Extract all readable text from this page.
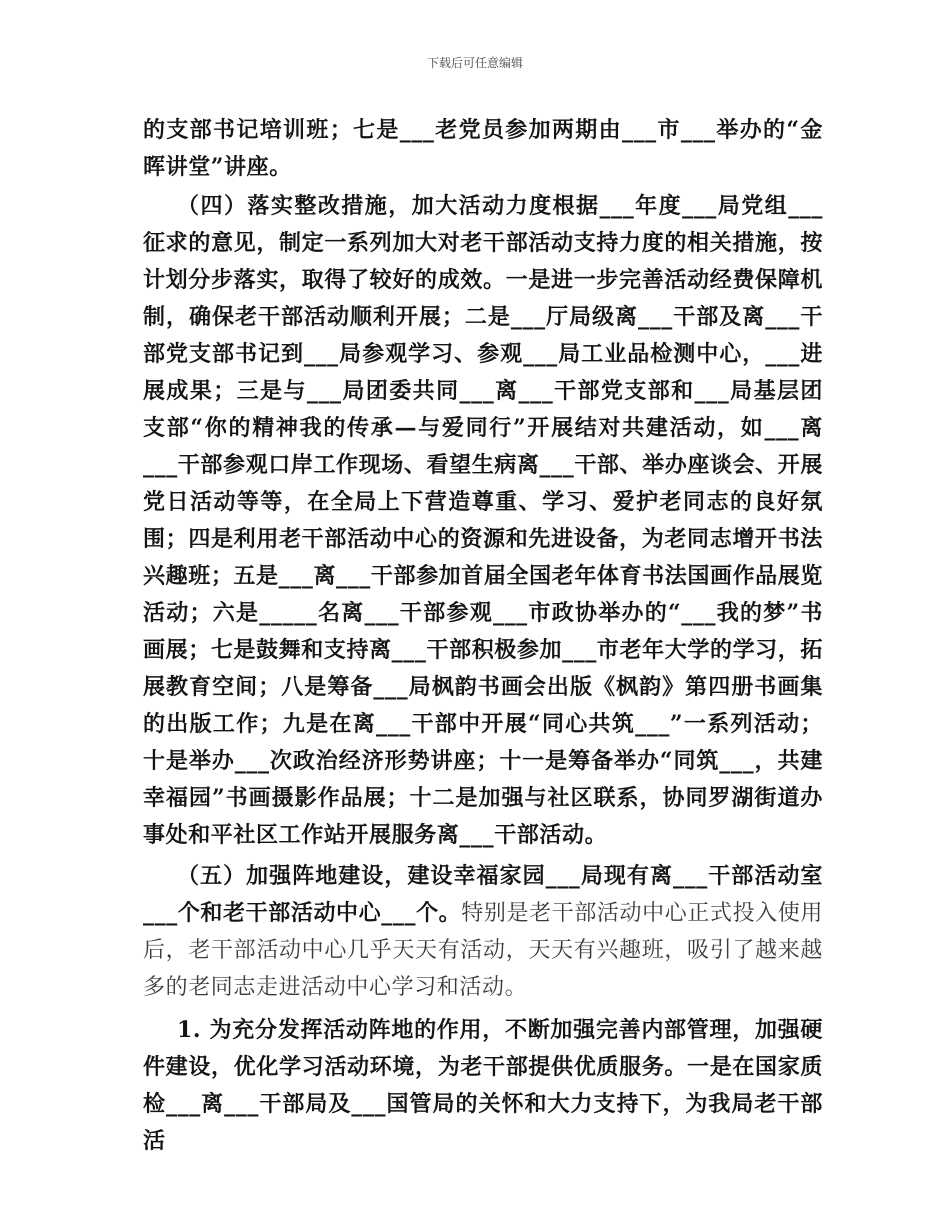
下载后可任意编辑

的支部书记培训班；七是___老党员参加两期由___市___举办的“金晖讲堂”讲座。

（四）落实整改措施，加大活动力度根据___年度___局党组___征求的意见，制定一系列加大对老干部活动支持力度的相关措施，按计划分步落实，取得了较好的成效。一是进一步完善活动经费保障机制，确保老干部活动顺利开展；二是___厅局级离___干部及离___干部党支部书记到___局参观学习、参观___局工业品检测中心，___进展成果；三是与___局团委共同___离___干部党支部和___局基层团支部“你的精神我的传承—与爱同行”开展结对共建活动，如___离___干部参观口岸工作现场、看望生病离___干部、举办座谈会、开展党日活动等等，在全局上下营造尊重、学习、爱护老同志的良好氛围；四是利用老干部活动中心的资源和先进设备，为老同志增开书法兴趣班；五是___离___干部参加首届全国老年体育书法国画作品展览活动；六是_____名离___干部参观___市政协举办的“___我的梦”书画展；七是鼓舞和支持离___干部积极参加___市老年大学的学习，拓展教育空间；八是筹备___局枫韵书画会出版《枫韵》第四册书画集的出版工作；九是在离___干部中开展“同心共筑___”一系列活动；十是举办___次政治经济形势讲座；十一是筹备举办“同筑___，共建幸福园”书画摄影作品展；十二是加强与社区联系，协同罗湖街道办事处和平社区工作站开展服务离___干部活动。

（五）加强阵地建设，建设幸福家园___局现有离___干部活动室___个和老干部活动中心___个。特别是老干部活动中心正式投入使用后，老干部活动中心几乎天天有活动，天天有兴趣班，吸引了越来越多的老同志走进活动中心学习和活动。

1. 为充分发挥活动阵地的作用，不断加强完善内部管理，加强硬件建设，优化学习活动环境，为老干部提供优质服务。一是在国家质检___离___干部局及___国管局的关怀和大力支持下，为我局老干部活
